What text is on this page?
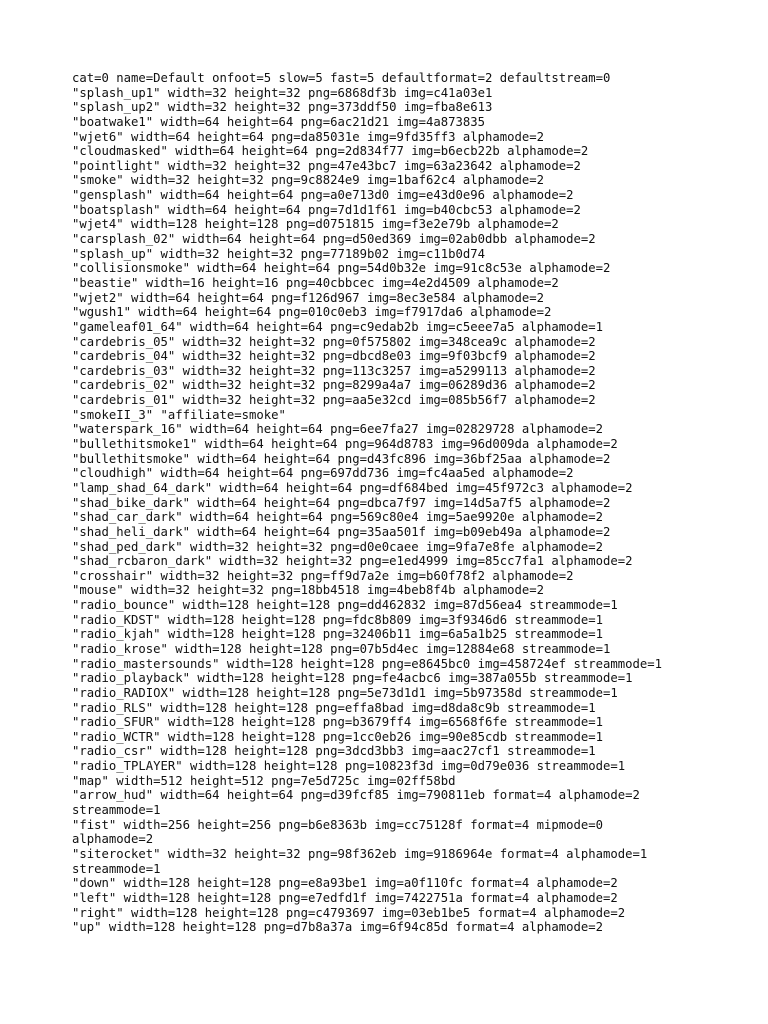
cat=0 name=Default onfoot=5 slow=5 fast=5 defaultformat=2 defaultstream=0
"splash_up1" width=32 height=32 png=6868df3b img=c41a03e1
"splash_up2" width=32 height=32 png=373ddf50 img=fba8e613
"boatwake1" width=64 height=64 png=6ac21d21 img=4a873835
"wjet6" width=64 height=64 png=da85031e img=9fd35ff3 alphamode=2
"cloudmasked" width=64 height=64 png=2d834f77 img=b6ecb22b alphamode=2
"pointlight" width=32 height=32 png=47e43bc7 img=63a23642 alphamode=2
"smoke" width=32 height=32 png=9c8824e9 img=1baf62c4 alphamode=2
"gensplash" width=64 height=64 png=a0e713d0 img=e43d0e96 alphamode=2
"boatsplash" width=64 height=64 png=7d1d1f61 img=b40cbc53 alphamode=2
"wjet4" width=128 height=128 png=d0751815 img=f3e2e79b alphamode=2
"carsplash_02" width=64 height=64 png=d50ed369 img=02ab0dbb alphamode=2
"splash_up" width=32 height=32 png=77189b02 img=c11b0d74
"collisionsmoke" width=64 height=64 png=54d0b32e img=91c8c53e alphamode=2
"beastie" width=16 height=16 png=40cbbcec img=4e2d4509 alphamode=2
"wjet2" width=64 height=64 png=f126d967 img=8ec3e584 alphamode=2
"wgush1" width=64 height=64 png=010c0eb3 img=f7917da6 alphamode=2
"gameleaf01_64" width=64 height=64 png=c9edab2b img=c5eee7a5 alphamode=1
"cardebris_05" width=32 height=32 png=0f575802 img=348cea9c alphamode=2
"cardebris_04" width=32 height=32 png=dbcd8e03 img=9f03bcf9 alphamode=2
"cardebris_03" width=32 height=32 png=113c3257 img=a5299113 alphamode=2
"cardebris_02" width=32 height=32 png=8299a4a7 img=06289d36 alphamode=2
"cardebris_01" width=32 height=32 png=aa5e32cd img=085b56f7 alphamode=2
"smokeII_3" "affiliate=smoke"
"waterspark_16" width=64 height=64 png=6ee7fa27 img=02829728 alphamode=2
"bullethitsmoke1" width=64 height=64 png=964d8783 img=96d009da alphamode=2
"bullethitsmoke" width=64 height=64 png=d43fc896 img=36bf25aa alphamode=2
"cloudhigh" width=64 height=64 png=697dd736 img=fc4aa5ed alphamode=2
"lamp_shad_64_dark" width=64 height=64 png=df684bed img=45f972c3 alphamode=2
"shad_bike_dark" width=64 height=64 png=dbca7f97 img=14d5a7f5 alphamode=2
"shad_car_dark" width=64 height=64 png=569c80e4 img=5ae9920e alphamode=2
"shad_heli_dark" width=64 height=64 png=35aa501f img=b09eb49a alphamode=2
"shad_ped_dark" width=32 height=32 png=d0e0caee img=9fa7e8fe alphamode=2
"shad_rcbaron_dark" width=32 height=32 png=e1ed4999 img=85cc7fa1 alphamode=2
"crosshair" width=32 height=32 png=ff9d7a2e img=b60f78f2 alphamode=2
"mouse" width=32 height=32 png=18bb4518 img=4beb8f4b alphamode=2
"radio_bounce" width=128 height=128 png=dd462832 img=87d56ea4 streammode=1
"radio_KDST" width=128 height=128 png=fdc8b809 img=3f9346d6 streammode=1
"radio_kjah" width=128 height=128 png=32406b11 img=6a5a1b25 streammode=1
"radio_krose" width=128 height=128 png=07b5d4ec img=12884e68 streammode=1
"radio_mastersounds" width=128 height=128 png=e8645bc0 img=458724ef streammode=1
"radio_playback" width=128 height=128 png=fe4acbc6 img=387a055b streammode=1
"radio_RADIOX" width=128 height=128 png=5e73d1d1 img=5b97358d streammode=1
"radio_RLS" width=128 height=128 png=effa8bad img=d8da8c9b streammode=1
"radio_SFUR" width=128 height=128 png=b3679ff4 img=6568f6fe streammode=1
"radio_WCTR" width=128 height=128 png=1cc0eb26 img=90e85cdb streammode=1
"radio_csr" width=128 height=128 png=3dcd3bb3 img=aac27cf1 streammode=1
"radio_TPLAYER" width=128 height=128 png=10823f3d img=0d79e036 streammode=1
"map" width=512 height=512 png=7e5d725c img=02ff58bd
"arrow_hud" width=64 height=64 png=d39fcf85 img=790811eb format=4 alphamode=2
streammode=1
"fist" width=256 height=256 png=b6e8363b img=cc75128f format=4 mipmode=0
alphamode=2
"siterocket" width=32 height=32 png=98f362eb img=9186964e format=4 alphamode=1
streammode=1
"down" width=128 height=128 png=e8a93be1 img=a0f110fc format=4 alphamode=2
"left" width=128 height=128 png=e7edfd1f img=7422751a format=4 alphamode=2
"right" width=128 height=128 png=c4793697 img=03eb1be5 format=4 alphamode=2
"up" width=128 height=128 png=d7b8a37a img=6f94c85d format=4 alphamode=2
